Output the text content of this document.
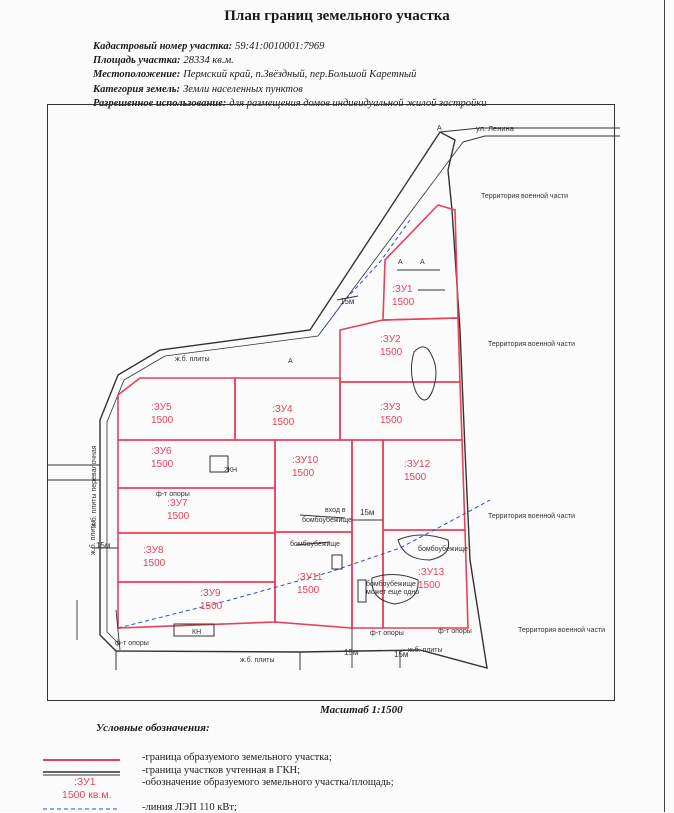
План границ земельного участка
Кадастровый номер участка: 59:41:0010001:7969
Площадь участка: 28334 кв.м.
Местоположение: Пермский край, п.Звёздный, пер.Большой Каретный
Категория земель: Земли населенных пунктов
Разрешенное использование: для размещения домов индивидуальной жилой застройки
:ЗУ1
1500
:ЗУ2
1500
:ЗУ3
1500
:ЗУ4
1500
:ЗУ5
1500
:ЗУ6
1500
:ЗУ7
1500
:ЗУ8
1500
:ЗУ9
1500
:ЗУ10
1500
:ЗУ11
1500
:ЗУ12
1500
:ЗУ13
1500
ул. Ленина
Территория военной части
Территория военной части
Территория военной части
Территория военной части
ж.б. плиты
ж.б. плиты
ж.б. плиты
ж.б. плиты
ж.б. плиты перевалочная	ф-т опоры
ф-т опоры
ф-т опоры	ф-т опоры
бомбоубежище
бомбоубежище
бомбоубежище
может еще одно
бомбоубежище
вход в
2КН
КН
15м
15м
15м
15м	15м
А
А
А
А
Масштаб 1:1500
Условные обозначения:
-граница образуемого земельного участка;
-граница участков учтенная в ГКН;
:ЗУ1
1500 кв.м.
-обозначение образуемого земельного участка/площадь;
-линия ЛЭП 110 кВт;
